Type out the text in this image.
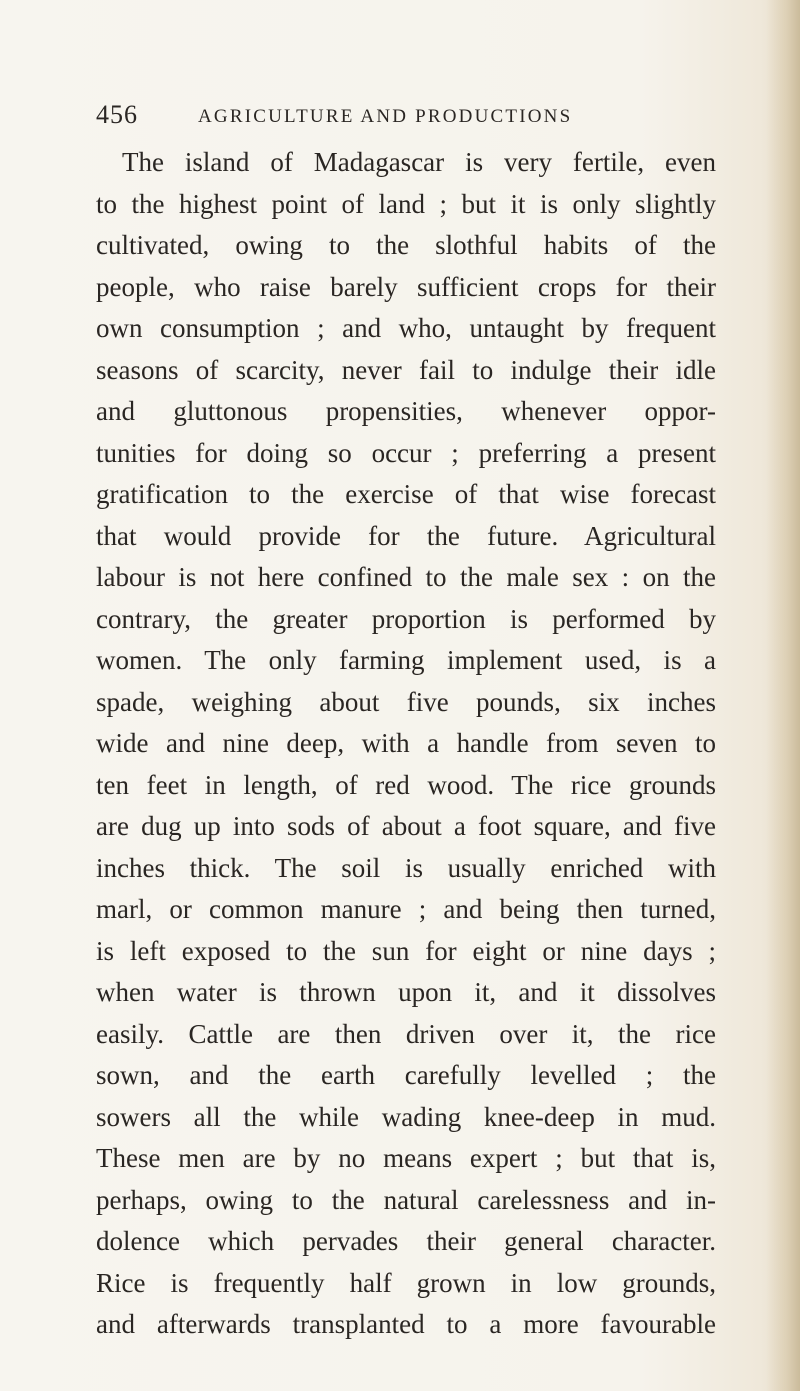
456	AGRICULTURE AND PRODUCTIONS
The island of Madagascar is very fertile, even
to the highest point of land ; but it is only slightly
cultivated, owing to the slothful habits of the
people, who raise barely sufficient crops for their
own consumption ; and who, untaught by frequent
seasons of scarcity, never fail to indulge their idle
and gluttonous propensities, whenever oppor-
tunities for doing so occur ; preferring a present
gratification to the exercise of that wise forecast
that would provide for the future. Agricultural
labour is not here confined to the male sex : on the
contrary, the greater proportion is performed by
women. The only farming implement used, is a
spade, weighing about five pounds, six inches
wide and nine deep, with a handle from seven to
ten feet in length, of red wood. The rice grounds
are dug up into sods of about a foot square, and five
inches thick. The soil is usually enriched with
marl, or common manure ; and being then turned,
is left exposed to the sun for eight or nine days ;
when water is thrown upon it, and it dissolves
easily. Cattle are then driven over it, the rice
sown, and the earth carefully levelled ; the
sowers all the while wading knee-deep in mud.
These men are by no means expert ; but that is,
perhaps, owing to the natural carelessness and in-
dolence which pervades their general character.
Rice is frequently half grown in low grounds,
and afterwards transplanted to a more favourable
